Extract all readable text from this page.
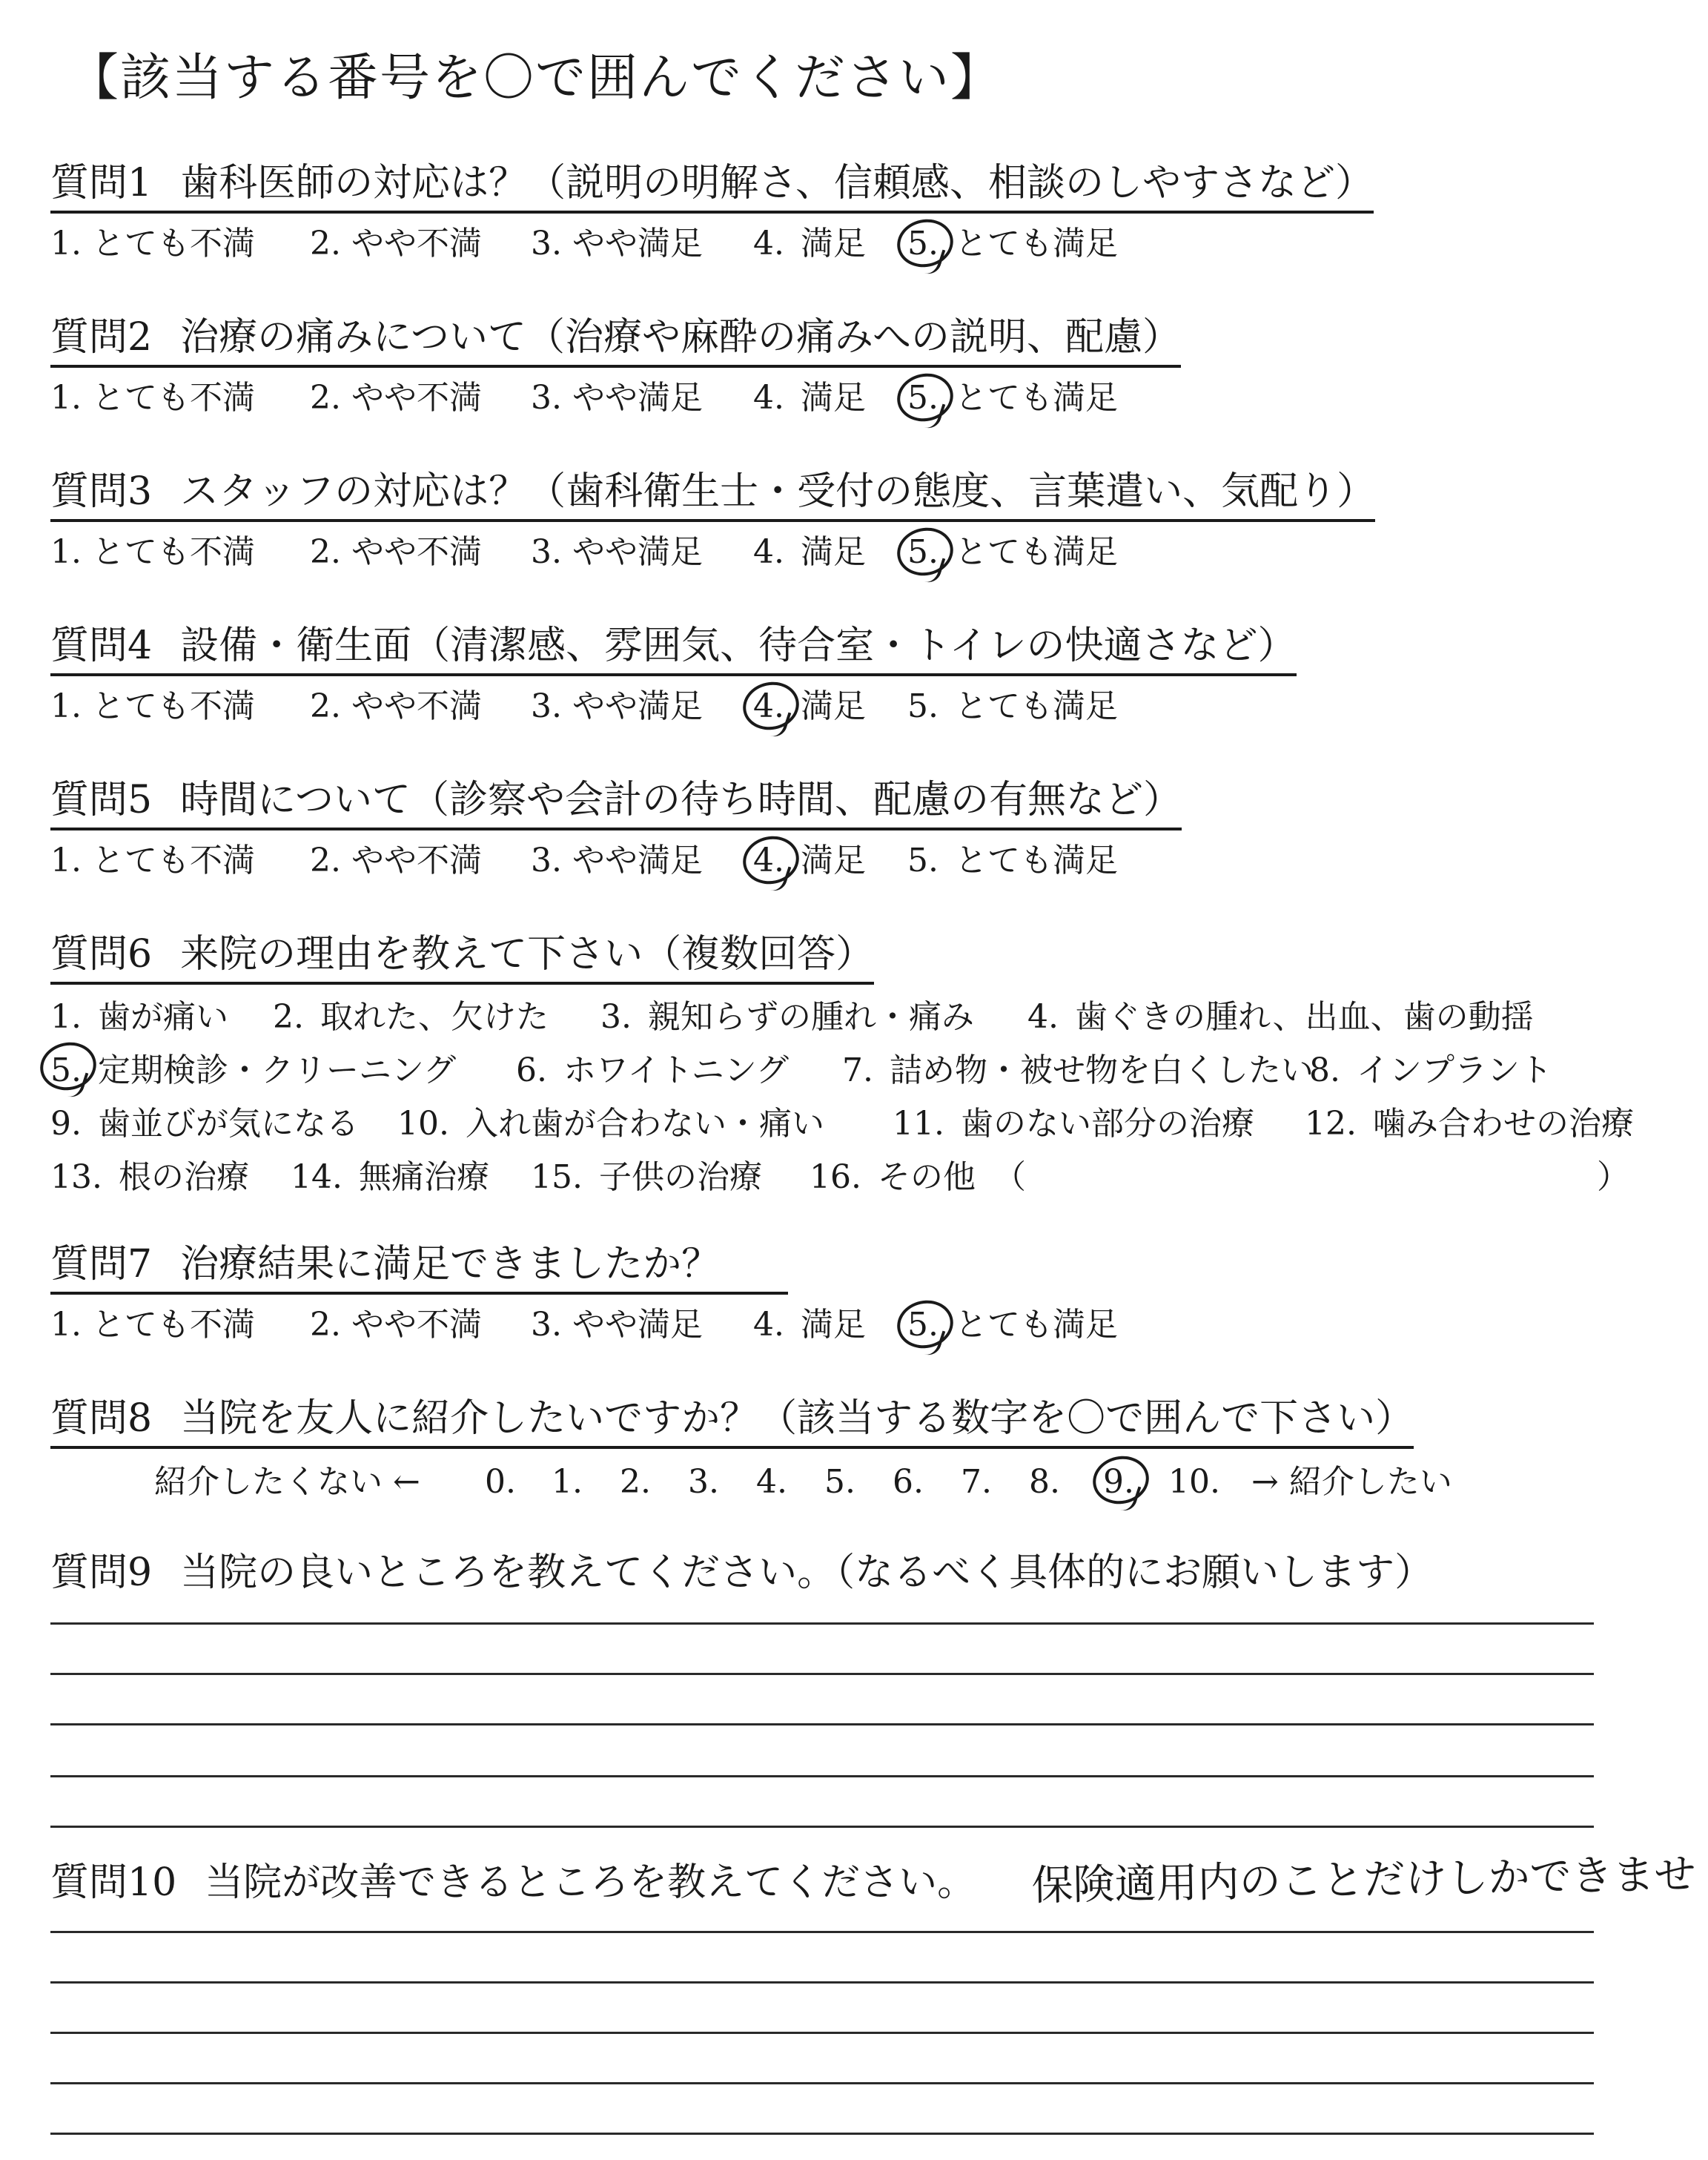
【該当する番号を〇で囲んでください】
質問1 歯科医師の対応は？（説明の明解さ、信頼感、相談のしやすさなど）
1. とても不満 2. やや不満 3. やや満足 4. 満足 5. とても満足
質問2 治療の痛みについて（治療や麻酔の痛みへの説明、配慮）
1. とても不満 2. やや不満 3. やや満足 4. 満足 5. とても満足
質問3 スタッフの対応は？（歯科衛生士・受付の態度、言葉遣い、気配り）
1. とても不満 2. やや不満 3. やや満足 4. 満足 5. とても満足
質問4 設備・衛生面（清潔感、雰囲気、待合室・トイレの快適さなど）
1. とても不満 2. やや不満 3. やや満足 4. 満足 5. とても満足
質問5 時間について（診察や会計の待ち時間、配慮の有無など）
1. とても不満 2. やや不満 3. やや満足 4. 満足 5. とても満足
質問6 来院の理由を教えて下さい（複数回答）
1. 歯が痛い 2. 取れた、欠けた 3. 親知らずの腫れ・痛み 4. 歯ぐきの腫れ、出血、歯の動揺
5. 定期検診・クリーニング 6. ホワイトニング 7. 詰め物・被せ物を白くしたい
8. インプラント
9. 歯並びが気になる 10. 入れ歯が合わない・痛い 11. 歯のない部分の治療 12. 噛み合わせの治療
13. 根の治療 14. 無痛治療 15. 子供の治療 16. その他 （	）
質問7 治療結果に満足できましたか？
1. とても不満 2. やや不満 3. やや満足 4. 満足 5. とても満足
質問8 当院を友人に紹介したいですか？（該当する数字を〇で囲んで下さい）
紹介したくない ← 0. 1. 2. 3. 4. 5. 6. 7. 8. 9.	10. → 紹介したい
質問9 当院の良いところを教えてください。（なるべく具体的にお願いします）
質問10 当院が改善できるところを教えてください。 保険適用内のことだけしかできませ
